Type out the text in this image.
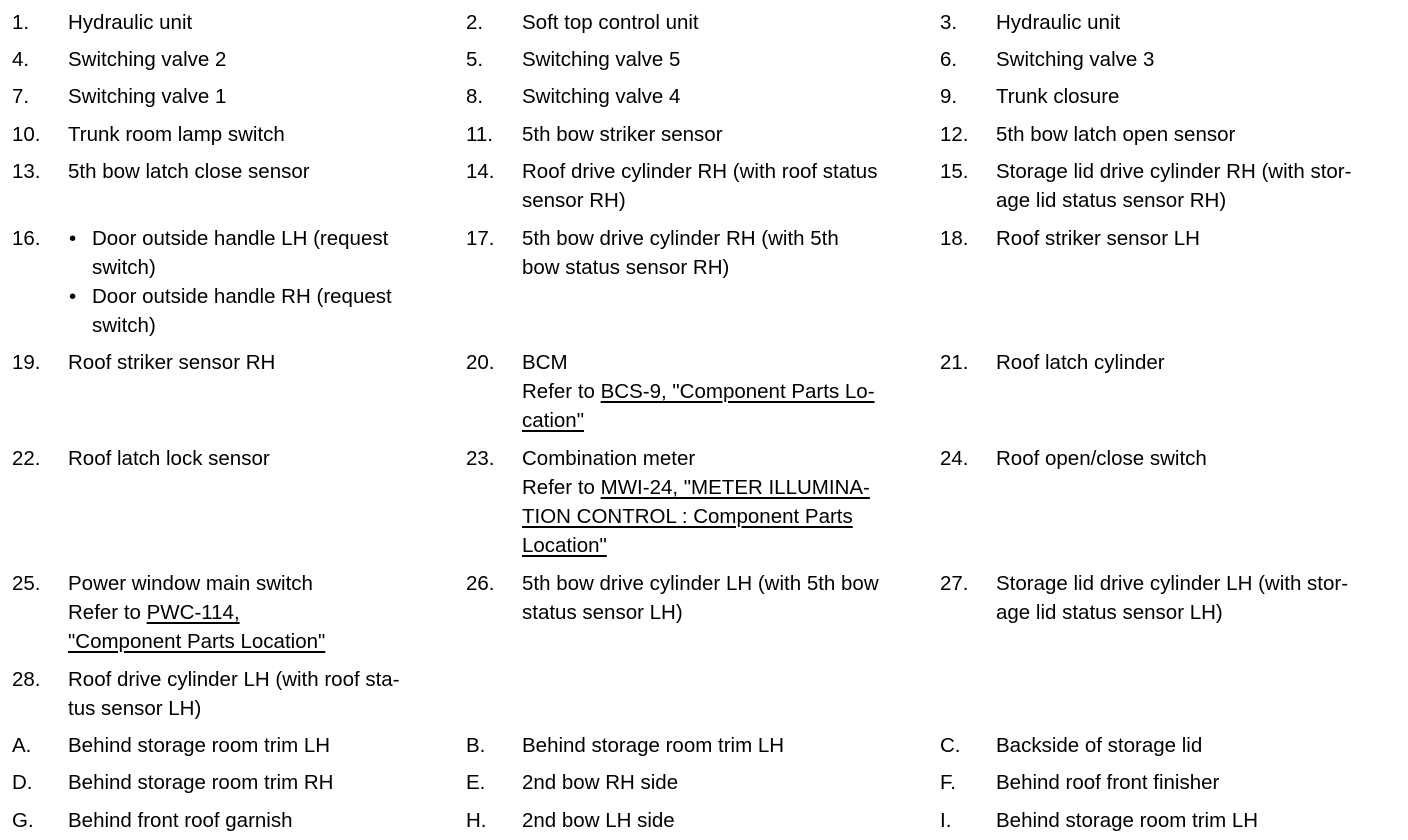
1. Hydraulic unit	2. Soft top control unit	3. Hydraulic unit
4. Switching valve 2	5. Switching valve 5	6. Switching valve 3
7. Switching valve 1	8. Switching valve 4	9. Trunk closure
10. Trunk room lamp switch	11. 5th bow striker sensor	12. 5th bow latch open sensor
13. 5th bow latch close sensor	14. Roof drive cylinder RH (with roof status
sensor RH)
15. Storage lid drive cylinder RH (with stor-
age lid status sensor RH)
16.
•	Door outside handle LH (request
switch)
• Door outside handle RH (request
switch)
17. 5th bow drive cylinder RH (with 5th
bow status sensor RH)
18. Roof striker sensor LH
19. Roof striker sensor RH	20. BCM
Refer to BCS-9, "Component Parts Lo-
cation"
21. Roof latch cylinder
22. Roof latch lock sensor	23. Combination meter
Refer to MWI-24, "METER ILLUMINA-
TION CONTROL : Component Parts
Location"
24. Roof open/close switch
25. Power window main switch
Refer to PWC-114,
"Component Parts Location"
26. 5th bow drive cylinder LH (with 5th bow
status sensor LH)
27. Storage lid drive cylinder LH (with stor-
age lid status sensor LH)
28. Roof drive cylinder LH (with roof sta-
tus sensor LH)
A. Behind storage room trim LH	B. Behind storage room trim LH	C. Backside of storage lid
D. Behind storage room trim RH	E. 2nd bow RH side	F. Behind roof front finisher
G. Behind front roof garnish	H. 2nd bow LH side	I. Behind storage room trim LH
